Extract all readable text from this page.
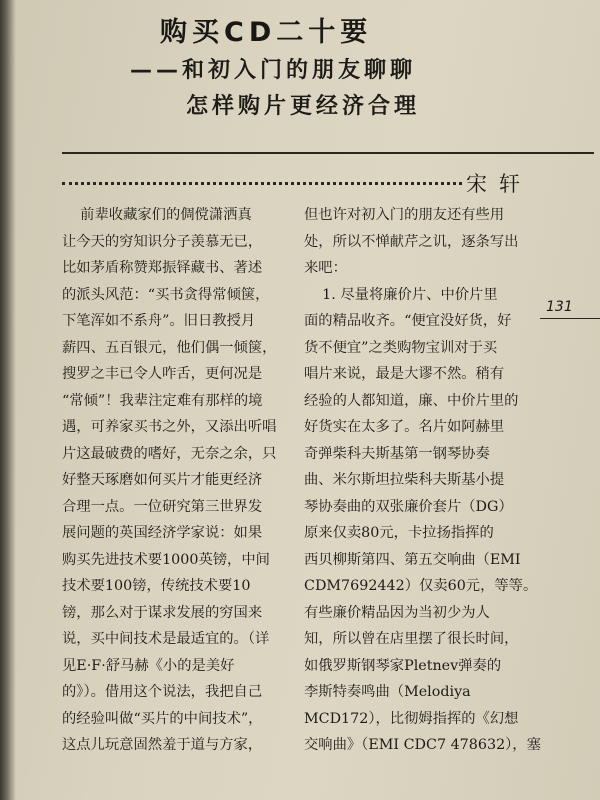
购买CD二十要
——和初入门的朋友聊聊
怎样购片更经济合理
宋轩
前辈收藏家们的倜傥潇洒真
让今天的穷知识分子羡慕无已，
比如茅盾称赞郑振铎藏书、著述
的派头风范：“买书贪得常倾箧，
下笔浑如不系舟”。旧日教授月
薪四、五百银元，他们偶一倾箧，
搜罗之丰已令人咋舌，更何况是
“常倾”！我辈注定难有那样的境
遇，可养家买书之外，又添出听唱
片这最破费的嗜好，无奈之余，只
好整天琢磨如何买片才能更经济
合理一点。一位研究第三世界发
展问题的英国经济学家说：如果
购买先进技术要1000英镑，中间
技术要100镑，传统技术要10
镑，那么对于谋求发展的穷国来
说，买中间技术是最适宜的。（详
见E·F·舒马赫《小的是美好
的》）。借用这个说法，我把自己
的经验叫做“买片的中间技术”，
这点儿玩意固然羞于道与方家，
但也许对初入门的朋友还有些用
处，所以不惮献芹之讥，逐条写出
来吧：
1. 尽量将廉价片、中价片里
面的精品收齐。“便宜没好货，好
货不便宜”之类购物宝训对于买
唱片来说，最是大谬不然。稍有
经验的人都知道，廉、中价片里的
好货实在太多了。名片如阿赫里
奇弹柴科夫斯基第一钢琴协奏
曲、米尔斯坦拉柴科夫斯基小提
琴协奏曲的双张廉价套片（DG）
原来仅卖80元，卡拉扬指挥的
西贝柳斯第四、第五交响曲（EMI
CDM7692442）仅卖60元，等等。
有些廉价精品因为当初少为人
知，所以曾在店里摆了很长时间，
如俄罗斯钢琴家Pletnev弹奏的
李斯特奏鸣曲（Melodiya
MCD172），比彻姆指挥的《幻想
交响曲》（EMI CDC7 478632），塞
131
